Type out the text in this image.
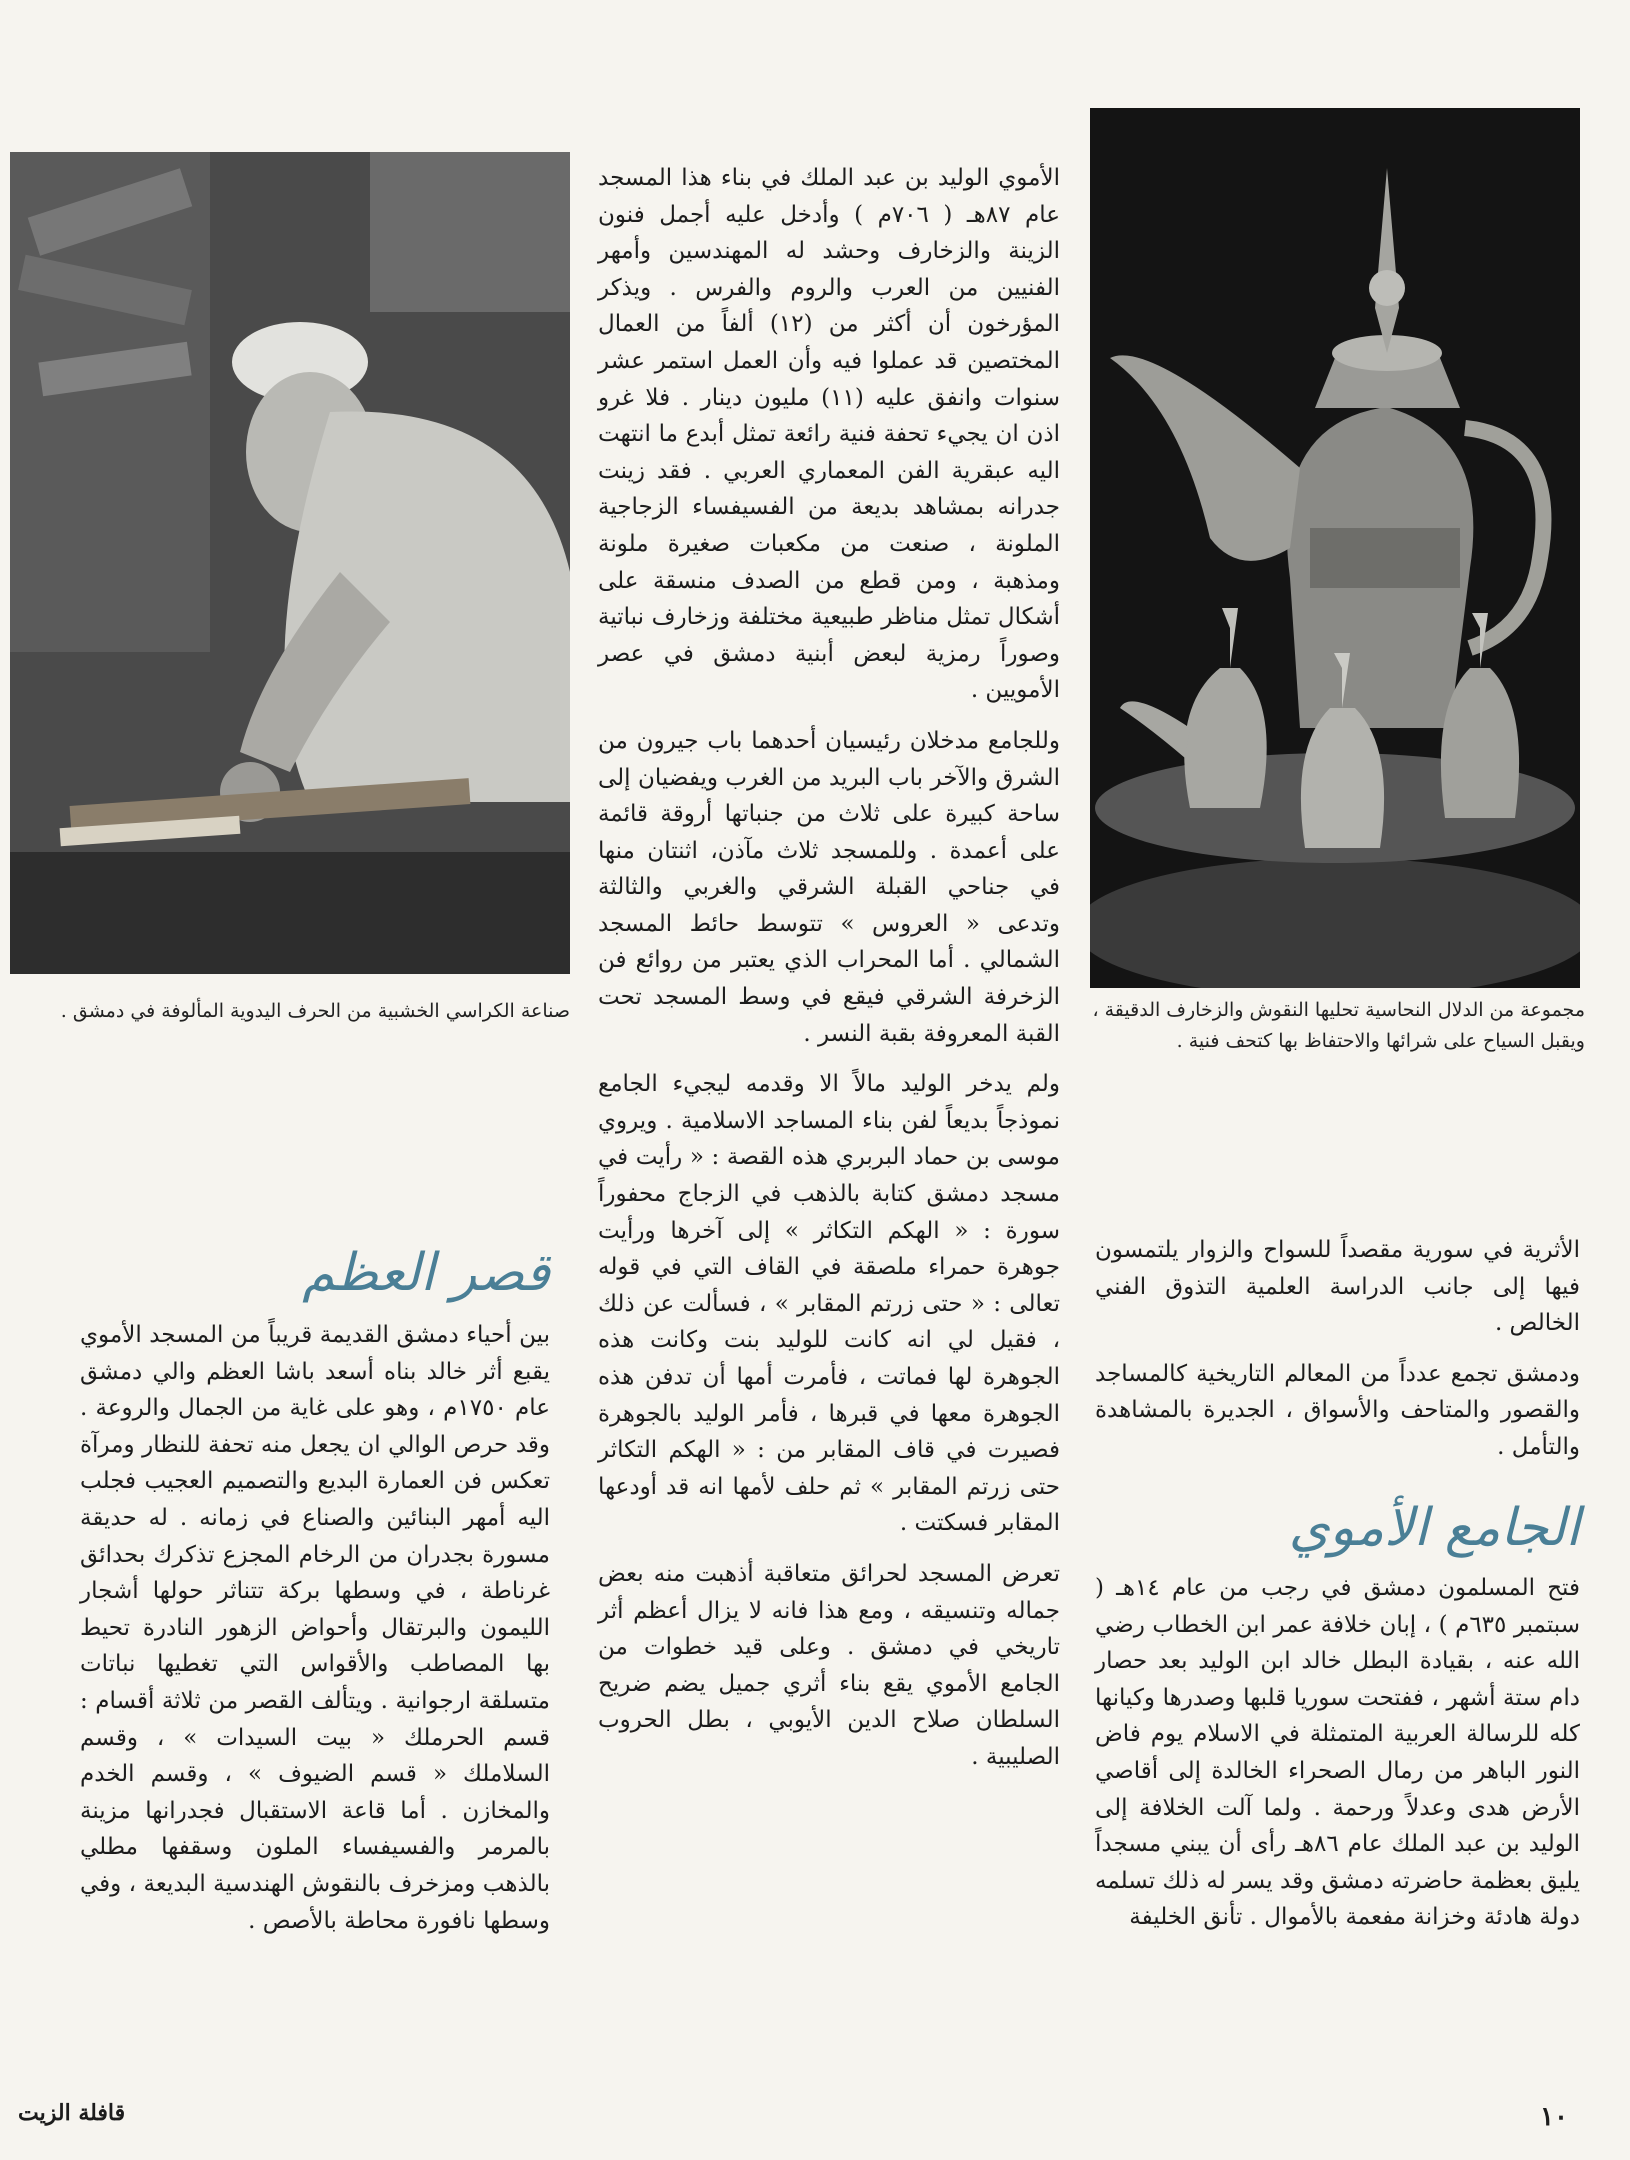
مجموعة من الدلال النحاسية تحليها النقوش والزخارف الدقيقة ، ويقبل السياح على شرائها والاحتفاظ بها كتحف فنية .

الأثرية في سورية مقصداً للسواح والزوار يلتمسون فيها إلى جانب الدراسة العلمية التذوق الفني الخالص .

ودمشق تجمع عدداً من المعالم التاريخية كالمساجد والقصور والمتاحف والأسواق ، الجديرة بالمشاهدة والتأمل .

الجامع الأموي

فتح المسلمون دمشق في رجب من عام ١٤هـ ( سبتمبر ٦٣٥م ) ، إبان خلافة عمر ابن الخطاب رضي الله عنه ، بقيادة البطل خالد ابن الوليد بعد حصار دام ستة أشهر ، ففتحت سوريا قلبها وصدرها وكيانها كله للرسالة العربية المتمثلة في الاسلام يوم فاض النور الباهر من رمال الصحراء الخالدة إلى أقاصي الأرض هدى وعدلاً ورحمة . ولما آلت الخلافة إلى الوليد بن عبد الملك عام ٨٦هـ رأى أن يبني مسجداً يليق بعظمة حاضرته دمشق وقد يسر له ذلك تسلمه دولة هادئة وخزانة مفعمة بالأموال . تأنق الخليفة

الأموي الوليد بن عبد الملك في بناء هذا المسجد عام ٨٧هـ ( ٧٠٦م ) وأدخل عليه أجمل فنون الزينة والزخارف وحشد له المهندسين وأمهر الفنيين من العرب والروم والفرس . ويذكر المؤرخون أن أكثر من (١٢) ألفاً من العمال المختصين قد عملوا فيه وأن العمل استمر عشر سنوات وانفق عليه (١١) مليون دينار . فلا غرو اذن ان يجيء تحفة فنية رائعة تمثل أبدع ما انتهت اليه عبقرية الفن المعماري العربي . فقد زينت جدرانه بمشاهد بديعة من الفسيفساء الزجاجية الملونة ، صنعت من مكعبات صغيرة ملونة ومذهبة ، ومن قطع من الصدف منسقة على أشكال تمثل مناظر طبيعية مختلفة وزخارف نباتية وصوراً رمزية لبعض أبنية دمشق في عصر الأمويين .

وللجامع مدخلان رئيسيان أحدهما باب جيرون من الشرق والآخر باب البريد من الغرب ويفضيان إلى ساحة كبيرة على ثلاث من جنباتها أروقة قائمة على أعمدة . وللمسجد ثلاث مآذن، اثنتان منها في جناحي القبلة الشرقي والغربي والثالثة وتدعى « العروس » تتوسط حائط المسجد الشمالي . أما المحراب الذي يعتبر من روائع فن الزخرفة الشرقي فيقع في وسط المسجد تحت القبة المعروفة بقبة النسر .

ولم يدخر الوليد مالاً الا وقدمه ليجيء الجامع نموذجاً بديعاً لفن بناء المساجد الاسلامية . ويروي موسى بن حماد البربري هذه القصة : « رأيت في مسجد دمشق كتابة بالذهب في الزجاج محفوراً سورة : « الهكم التكاثر » إلى آخرها ورأيت جوهرة حمراء ملصقة في القاف التي في قوله تعالى : « حتى زرتم المقابر » ، فسألت عن ذلك ، فقيل لي انه كانت للوليد بنت وكانت هذه الجوهرة لها فماتت ، فأمرت أمها أن تدفن هذه الجوهرة معها في قبرها ، فأمر الوليد بالجوهرة فصيرت في قاف المقابر من : « الهكم التكاثر حتى زرتم المقابر » ثم حلف لأمها انه قد أودعها المقابر فسكتت .

تعرض المسجد لحرائق متعاقبة أذهبت منه بعض جماله وتنسيقه ، ومع هذا فانه لا يزال أعظم أثر تاريخي في دمشق . وعلى قيد خطوات من الجامع الأموي يقع بناء أثري جميل يضم ضريح السلطان صلاح الدين الأيوبي ، بطل الحروب الصليبية .

صناعة الكراسي الخشبية من الحرف اليدوية المألوفة في دمشق .
قصر العظم

بين أحياء دمشق القديمة قريباً من المسجد الأموي يقبع أثر خالد بناه أسعد باشا العظم والي دمشق عام ١٧٥٠م ، وهو على غاية من الجمال والروعة . وقد حرص الوالي ان يجعل منه تحفة للنظار ومرآة تعكس فن العمارة البديع والتصميم العجيب فجلب اليه أمهر البنائين والصناع في زمانه . له حديقة مسورة بجدران من الرخام المجزع تذكرك بحدائق غرناطة ، في وسطها بركة تتناثر حولها أشجار الليمون والبرتقال وأحواض الزهور النادرة تحيط بها المصاطب والأقواس التي تغطيها نباتات متسلقة ارجوانية . ويتألف القصر من ثلاثة أقسام : قسم الحرملك « بيت السيدات » ، وقسم السلاملك « قسم الضيوف » ، وقسم الخدم والمخازن . أما قاعة الاستقبال فجدرانها مزينة بالمرمر والفسيفساء الملون وسقفها مطلي بالذهب ومزخرف بالنقوش الهندسية البديعة ، وفي وسطها نافورة محاطة بالأصص .

١٠
قافلة الزيت
